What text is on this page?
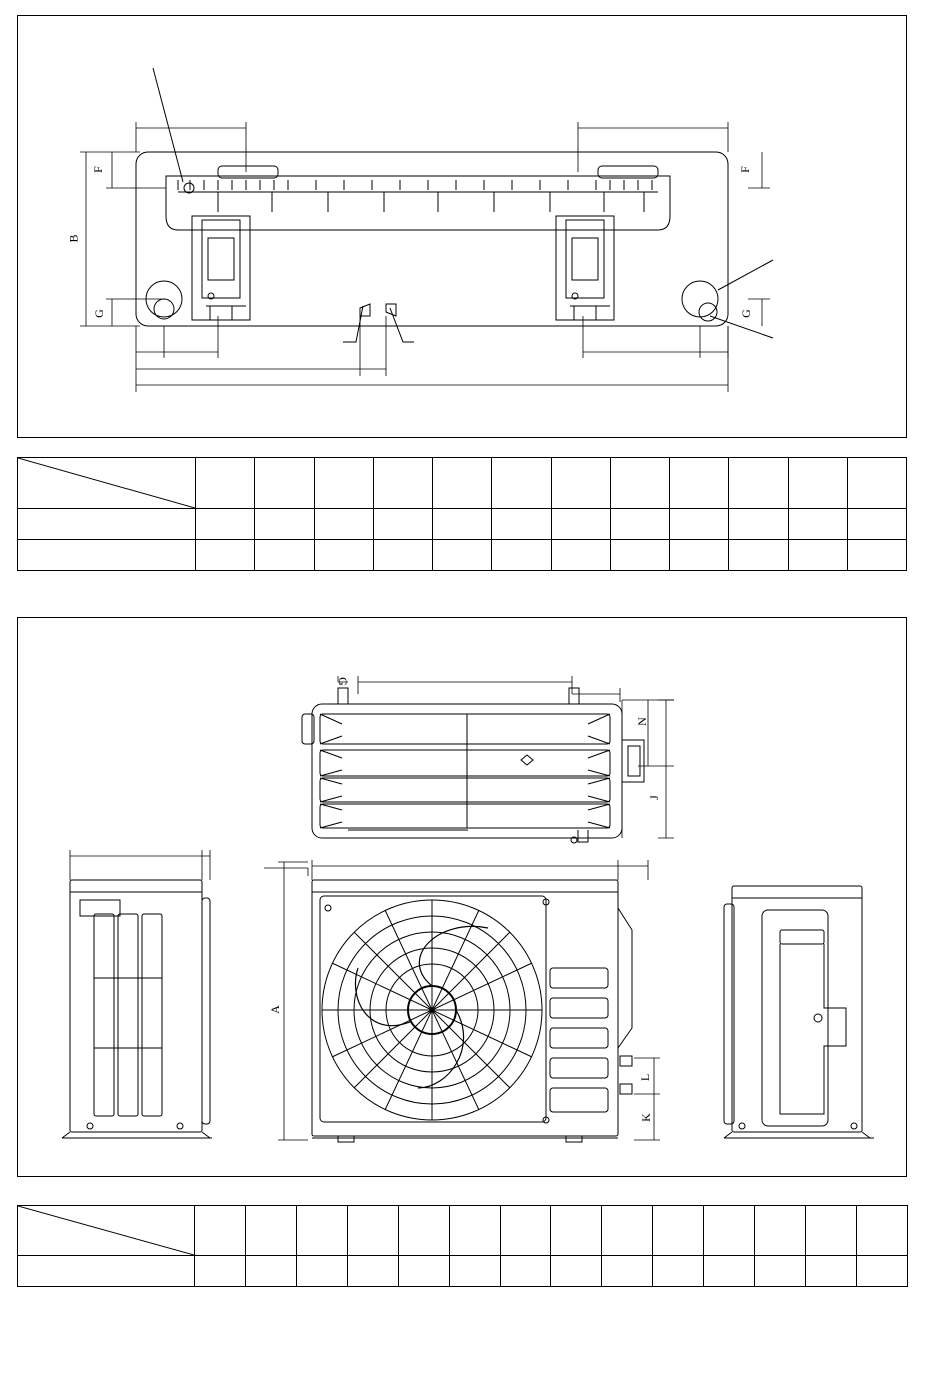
B
F	F
G	G

G
N
J
A
L
K
